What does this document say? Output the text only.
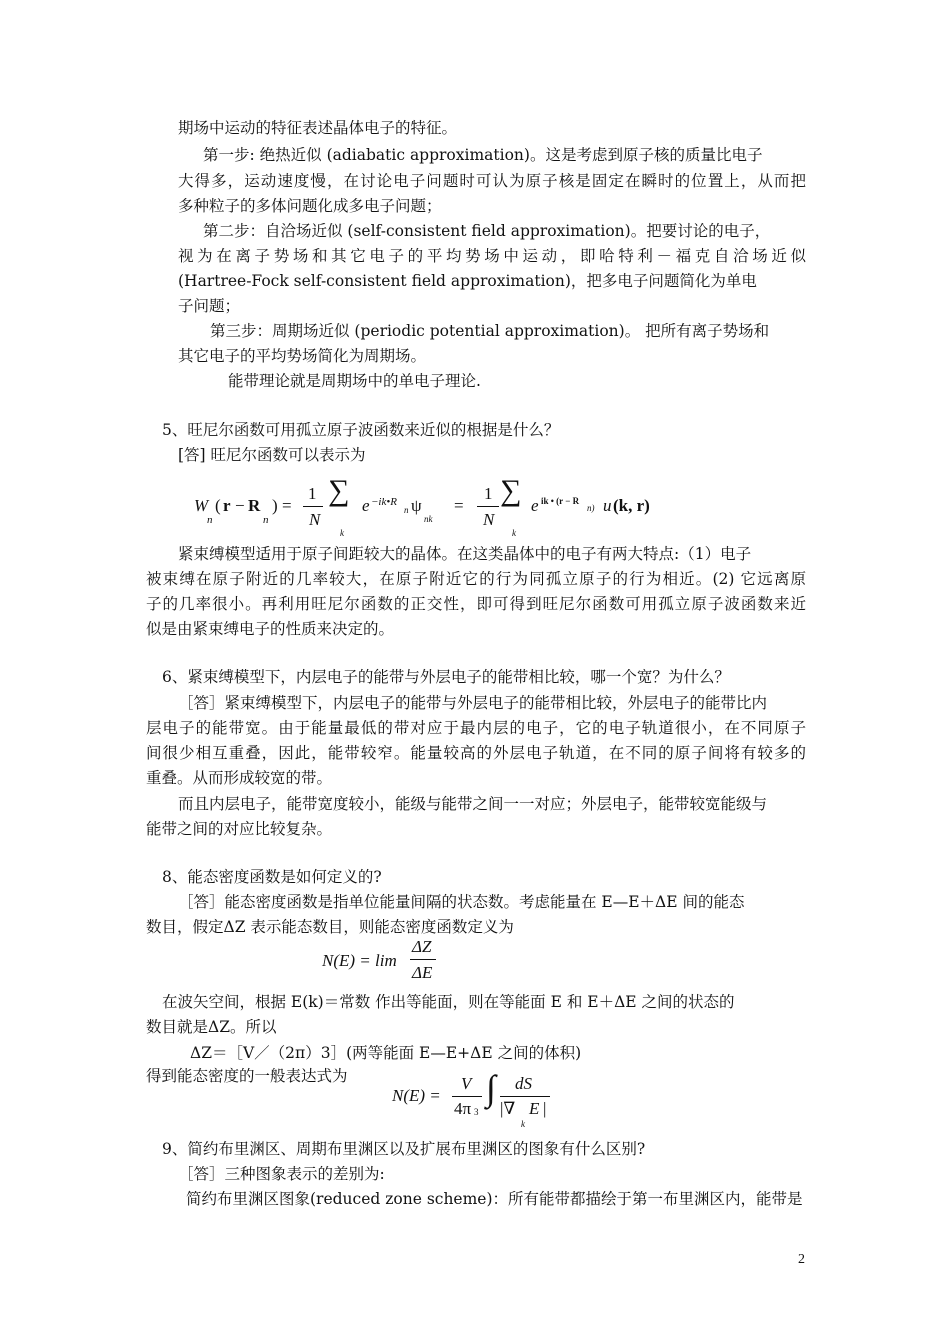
期场中运动的特征表述晶体电子的特征。
第一步: 绝热近似 (adiabatic approximation)。这是考虑到原子核的质量比电子
大得多，运动速度慢，在讨论电子问题时可认为原子核是固定在瞬时的位置上，从而把
多种粒子的多体问题化成多电子问题；
第二步：自洽场近似 (self-consistent field approximation)。把要讨论的电子，
视为在离子势场和其它电子的平均势场中运动，即哈特利－福克自洽场近似
(Hartree-Fock self-consistent field approximation)，把多电子问题简化为单电
子问题；
第三步：周期场近似 (periodic potential approximation)。 把所有离子势场和
其它电子的平均势场简化为周期场。
能带理论就是周期场中的单电子理论.
5、旺尼尔函数可用孤立原子波函数来近似的根据是什么？
[答] 旺尼尔函数可以表示为
W
n
( r − R
n
) =
1
N
∑
k
e −ik•R
n ψ
nk
=
1
N
∑
k
e ik • (r − R
n) u (k, r)
紧束缚模型适用于原子间距较大的晶体。在这类晶体中的电子有两大特点:（1）电子
被束缚在原子附近的几率较大，在原子附近它的行为同孤立原子的行为相近。(2) 它远离原
子的几率很小。再利用旺尼尔函数的正交性，即可得到旺尼尔函数可用孤立原子波函数来近
似是由紧束缚电子的性质来决定的。
6、紧束缚模型下，内层电子的能带与外层电子的能带相比较，哪一个宽？为什么？
［答］紧束缚模型下，内层电子的能带与外层电子的能带相比较，外层电子的能带比内
层电子的能带宽。由于能量最低的带对应于最内层的电子，它的电子轨道很小，在不同原子
间很少相互重叠，因此，能带较窄。能量较高的外层电子轨道，在不同的原子间将有较多的
重叠。从而形成较宽的带。
而且内层电子，能带宽度较小，能级与能带之间一一对应；外层电子，能带较宽能级与
能带之间的对应比较复杂。
8、能态密度函数是如何定义的?
［答］能态密度函数是指单位能量间隔的状态数。考虑能量在 E—E＋ΔE 间的能态
数目，假定ΔZ 表示能态数目，则能态密度函数定义为
N(E) = lim
ΔZ
ΔE
在波矢空间，根据 E(k)＝常数 作出等能面，则在等能面 E 和 E＋ΔE 之间的状态的
数目就是ΔZ。所以
ΔZ＝［V／（2π）3］(两等能面 E—E+ΔE 之间的体积)
得到能态密度的一般表达式为
N(E) =
V
4π 3
∫ dS
|∇ E |
k
9、简约布里渊区、周期布里渊区以及扩展布里渊区的图象有什么区别?
［答］三种图象表示的差别为:
简约布里渊区图象(reduced zone scheme)：所有能带都描绘于第一布里渊区内，能带是
2
